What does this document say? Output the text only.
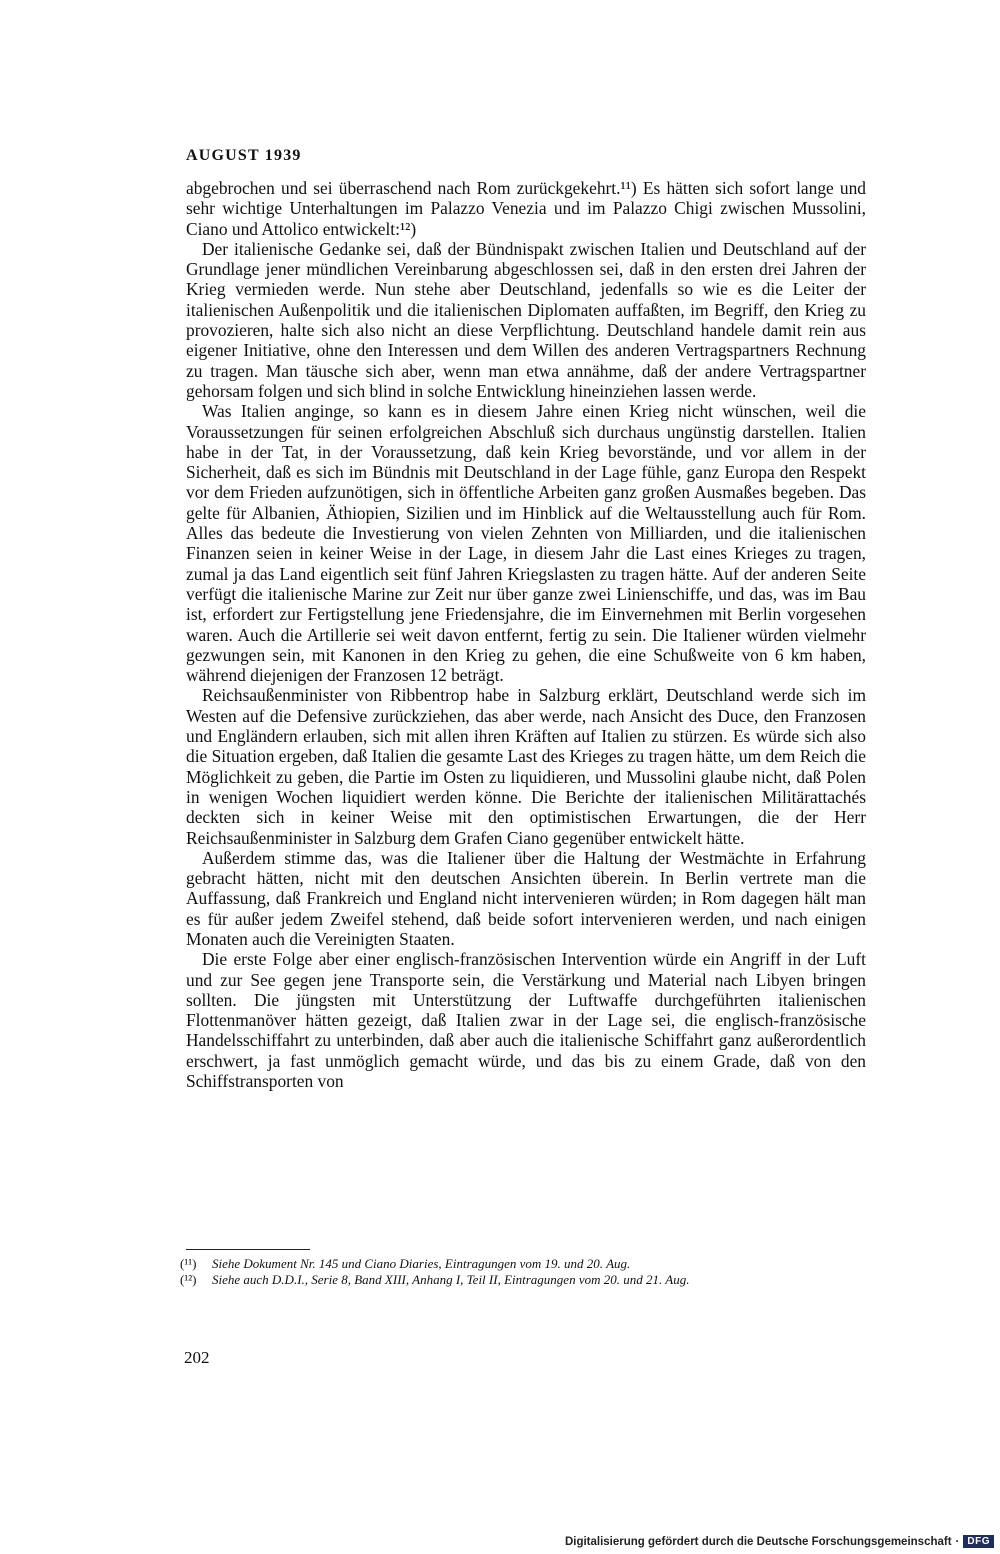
AUGUST 1939

abgebrochen und sei überraschend nach Rom zurückgekehrt.¹¹) Es hätten sich sofort lange und sehr wichtige Unterhaltungen im Palazzo Venezia und im Palazzo Chigi zwischen Mussolini, Ciano und Attolico entwickelt:¹²)

Der italienische Gedanke sei, daß der Bündnispakt zwischen Italien und Deutschland auf der Grundlage jener mündlichen Vereinbarung abgeschlossen sei, daß in den ersten drei Jahren der Krieg vermieden werde. Nun stehe aber Deutschland, jedenfalls so wie es die Leiter der italienischen Außenpolitik und die italienischen Diplomaten auffaßten, im Begriff, den Krieg zu provozieren, halte sich also nicht an diese Verpflichtung. Deutschland handele damit rein aus eigener Initiative, ohne den Interessen und dem Willen des anderen Vertragspartners Rechnung zu tragen. Man täusche sich aber, wenn man etwa annähme, daß der andere Vertragspartner gehorsam folgen und sich blind in solche Entwicklung hineinziehen lassen werde.

Was Italien anginge, so kann es in diesem Jahre einen Krieg nicht wünschen, weil die Voraussetzungen für seinen erfolgreichen Abschluß sich durchaus ungünstig darstellen. Italien habe in der Tat, in der Voraussetzung, daß kein Krieg bevorstände, und vor allem in der Sicherheit, daß es sich im Bündnis mit Deutschland in der Lage fühle, ganz Europa den Respekt vor dem Frieden aufzunötigen, sich in öffentliche Arbeiten ganz großen Ausmaßes begeben. Das gelte für Albanien, Äthiopien, Sizilien und im Hinblick auf die Weltausstellung auch für Rom. Alles das bedeute die Investierung von vielen Zehnten von Milliarden, und die italienischen Finanzen seien in keiner Weise in der Lage, in diesem Jahr die Last eines Krieges zu tragen, zumal ja das Land eigentlich seit fünf Jahren Kriegslasten zu tragen hätte. Auf der anderen Seite verfügt die italienische Marine zur Zeit nur über ganze zwei Linienschiffe, und das, was im Bau ist, erfordert zur Fertigstellung jene Friedensjahre, die im Einvernehmen mit Berlin vorgesehen waren. Auch die Artillerie sei weit davon entfernt, fertig zu sein. Die Italiener würden vielmehr gezwungen sein, mit Kanonen in den Krieg zu gehen, die eine Schußweite von 6 km haben, während diejenigen der Franzosen 12 beträgt.

Reichsaußenminister von Ribbentrop habe in Salzburg erklärt, Deutschland werde sich im Westen auf die Defensive zurückziehen, das aber werde, nach Ansicht des Duce, den Franzosen und Engländern erlauben, sich mit allen ihren Kräften auf Italien zu stürzen. Es würde sich also die Situation ergeben, daß Italien die gesamte Last des Krieges zu tragen hätte, um dem Reich die Möglichkeit zu geben, die Partie im Osten zu liquidieren, und Mussolini glaube nicht, daß Polen in wenigen Wochen liquidiert werden könne. Die Berichte der italienischen Militärattachés deckten sich in keiner Weise mit den optimistischen Erwartungen, die der Herr Reichsaußenminister in Salzburg dem Grafen Ciano gegenüber entwickelt hätte.

Außerdem stimme das, was die Italiener über die Haltung der Westmächte in Erfahrung gebracht hätten, nicht mit den deutschen Ansichten überein. In Berlin vertrete man die Auffassung, daß Frankreich und England nicht intervenieren würden; in Rom dagegen hält man es für außer jedem Zweifel stehend, daß beide sofort intervenieren werden, und nach einigen Monaten auch die Vereinigten Staaten.

Die erste Folge aber einer englisch-französischen Intervention würde ein Angriff in der Luft und zur See gegen jene Transporte sein, die Verstärkung und Material nach Libyen bringen sollten. Die jüngsten mit Unterstützung der Luftwaffe durchgeführten italienischen Flottenmanöver hätten gezeigt, daß Italien zwar in der Lage sei, die englisch-französische Handelsschiffahrt zu unterbinden, daß aber auch die italienische Schiffahrt ganz außerordentlich erschwert, ja fast unmöglich gemacht würde, und das bis zu einem Grade, daß von den Schiffstransporten von

(¹¹) Siehe Dokument Nr. 145 und Ciano Diaries, Eintragungen vom 19. und 20. Aug.
(¹²) Siehe auch D.D.I., Serie 8, Band XIII, Anhang I, Teil II, Eintragungen vom 20. und 21. Aug.

202

Digitalisierung gefördert durch die Deutsche Forschungsgemeinschaft · DFG
